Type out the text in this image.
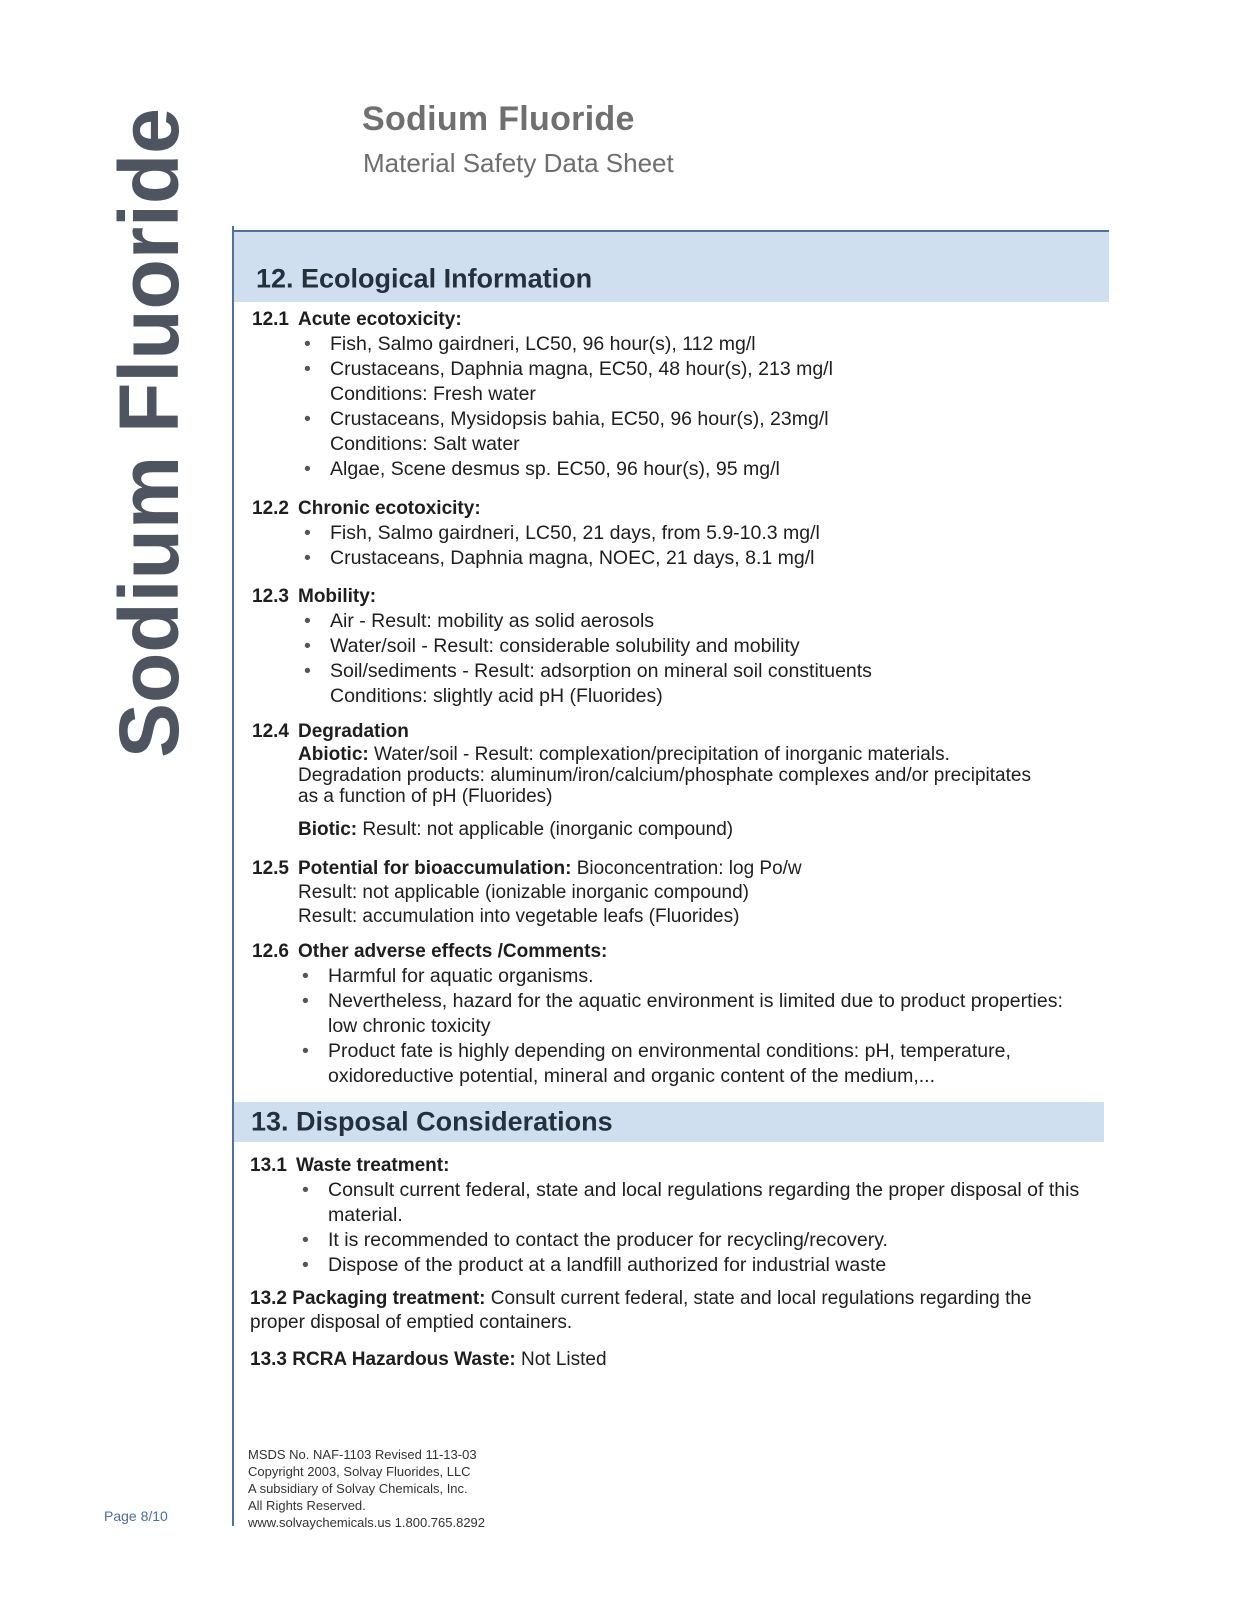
Sodium Fluoride
Page 8/10
Sodium Fluoride
Material Safety Data Sheet
12. Ecological Information
12.1 Acute ecotoxicity:
• Fish, Salmo gairdneri, LC50, 96 hour(s), 112 mg/l
• Crustaceans, Daphnia magna, EC50, 48 hour(s), 213 mg/l
Conditions: Fresh water
• Crustaceans, Mysidopsis bahia, EC50, 96 hour(s), 23mg/l
Conditions: Salt water
• Algae, Scene desmus sp. EC50, 96 hour(s), 95 mg/l
12.2 Chronic ecotoxicity:
• Fish, Salmo gairdneri, LC50, 21 days, from 5.9-10.3 mg/l
• Crustaceans, Daphnia magna, NOEC, 21 days, 8.1 mg/l
12.3 Mobility:
• Air - Result: mobility as solid aerosols
• Water/soil - Result: considerable solubility and mobility
• Soil/sediments - Result: adsorption on mineral soil constituents
Conditions: slightly acid pH (Fluorides)
12.4 Degradation
Abiotic: Water/soil - Result: complexation/precipitation of inorganic materials.
Degradation products: aluminum/iron/calcium/phosphate complexes and/or precipitates
as a function of pH (Fluorides)
Biotic: Result: not applicable (inorganic compound)
12.5 Potential for bioaccumulation: Bioconcentration: log Po/w
Result: not applicable (ionizable inorganic compound)
Result: accumulation into vegetable leafs (Fluorides)
12.6 Other adverse effects /Comments:
• Harmful for aquatic organisms.
• Nevertheless, hazard for the aquatic environment is limited due to product properties: low chronic toxicity
• Product fate is highly depending on environmental conditions: pH, temperature, oxidoreductive potential, mineral and organic content of the medium,...
13. Disposal Considerations
13.1 Waste treatment:
• Consult current federal, state and local regulations regarding the proper disposal of this material.
• It is recommended to contact the producer for recycling/recovery.
• Dispose of the product at a landfill authorized for industrial waste
13.2 Packaging treatment: Consult current federal, state and local regulations regarding the proper disposal of emptied containers.
13.3 RCRA Hazardous Waste: Not Listed
MSDS No. NAF-1103 Revised 11-13-03
Copyright 2003, Solvay Fluorides, LLC
A subsidiary of Solvay Chemicals, Inc.
All Rights Reserved.
www.solvaychemicals.us 1.800.765.8292
